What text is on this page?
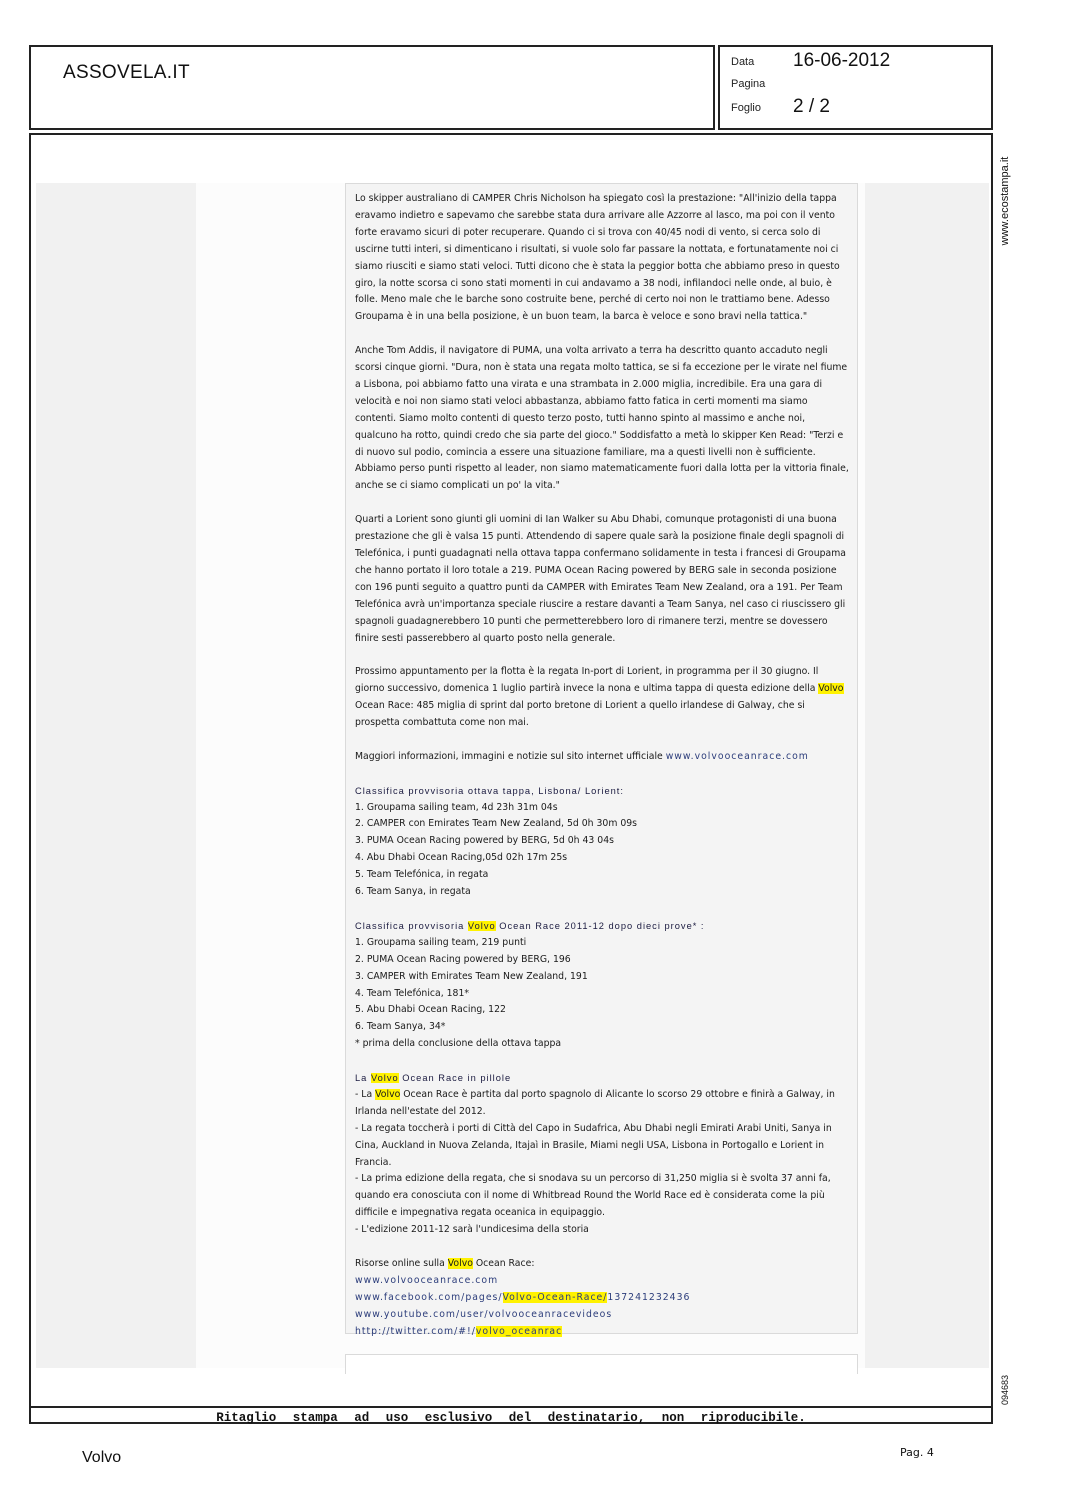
ASSOVELA.IT	Data 16-06-2012
Pagina
Foglio 2 / 2
www.ecostampa.it
094683
Ritaglio stampa ad uso esclusivo del destinatario, non riproducibile.

Lo skipper australiano di CAMPER Chris Nicholson ha spiegato così la prestazione: "All'inizio della tappa eravamo indietro e sapevamo che sarebbe stata dura arrivare alle Azzorre al lasco, ma poi con il vento forte eravamo sicuri di poter recuperare. Quando ci si trova con 40/45 nodi di vento, si cerca solo di uscirne tutti interi, si dimenticano i risultati, si vuole solo far passare la nottata, e fortunatamente noi ci siamo riusciti e siamo stati veloci. Tutti dicono che è stata la peggior botta che abbiamo preso in questo giro, la notte scorsa ci sono stati momenti in cui andavamo a 38 nodi, infilandoci nelle onde, al buio, è folle. Meno male che le barche sono costruite bene, perché di certo noi non le trattiamo bene. Adesso Groupama è in una bella posizione, è un buon team, la barca è veloce e sono bravi nella tattica."

Anche Tom Addis, il navigatore di PUMA, una volta arrivato a terra ha descritto quanto accaduto negli scorsi cinque giorni. "Dura, non è stata una regata molto tattica, se si fa eccezione per le virate nel fiume a Lisbona, poi abbiamo fatto una virata e una strambata in 2.000 miglia, incredibile. Era una gara di velocità e noi non siamo stati veloci abbastanza, abbiamo fatto fatica in certi momenti ma siamo contenti. Siamo molto contenti di questo terzo posto, tutti hanno spinto al massimo e anche noi, qualcuno ha rotto, quindi credo che sia parte del gioco." Soddisfatto a metà lo skipper Ken Read: "Terzi e di nuovo sul podio, comincia a essere una situazione familiare, ma a questi livelli non è sufficiente. Abbiamo perso punti rispetto al leader, non siamo matematicamente fuori dalla lotta per la vittoria finale, anche se ci siamo complicati un po' la vita."

Quarti a Lorient sono giunti gli uomini di Ian Walker su Abu Dhabi, comunque protagonisti di una buona prestazione che gli è valsa 15 punti. Attendendo di sapere quale sarà la posizione finale degli spagnoli di Telefónica, i punti guadagnati nella ottava tappa confermano solidamente in testa i francesi di Groupama che hanno portato il loro totale a 219. PUMA Ocean Racing powered by BERG sale in seconda posizione con 196 punti seguito a quattro punti da CAMPER with Emirates Team New Zealand, ora a 191. Per Team Telefónica avrà un'importanza speciale riuscire a restare davanti a Team Sanya, nel caso ci riuscissero gli spagnoli guadagnerebbero 10 punti che permetterebbero loro di rimanere terzi, mentre se dovessero finire sesti passerebbero al quarto posto nella generale.

Prossimo appuntamento per la flotta è la regata In-port di Lorient, in programma per il 30 giugno. Il giorno successivo, domenica 1 luglio partirà invece la nona e ultima tappa di questa edizione della Volvo Ocean Race: 485 miglia di sprint dal porto bretone di Lorient a quello irlandese di Galway, che si prospetta combattuta come non mai.

Maggiori informazioni, immagini e notizie sul sito internet ufficiale www.volvooceanrace.com

Classifica provvisoria ottava tappa, Lisbona/ Lorient:
1. Groupama sailing team, 4d 23h 31m 04s
2. CAMPER con Emirates Team New Zealand, 5d 0h 30m 09s
3. PUMA Ocean Racing powered by BERG, 5d 0h 43 04s
4. Abu Dhabi Ocean Racing,05d 02h 17m 25s
5. Team Telefónica, in regata
6. Team Sanya, in regata

Classifica provvisoria Volvo Ocean Race 2011-12 dopo dieci prove* :
1. Groupama sailing team, 219 punti
2. PUMA Ocean Racing powered by BERG, 196
3. CAMPER with Emirates Team New Zealand, 191
4. Team Telefónica, 181*
5. Abu Dhabi Ocean Racing, 122
6. Team Sanya, 34*
* prima della conclusione della ottava tappa

La Volvo Ocean Race in pillole
- La Volvo Ocean Race è partita dal porto spagnolo di Alicante lo scorso 29 ottobre e finirà a Galway, in Irlanda nell'estate del 2012.
- La regata toccherà i porti di Città del Capo in Sudafrica, Abu Dhabi negli Emirati Arabi Uniti, Sanya in Cina, Auckland in Nuova Zelanda, Itajaì in Brasile, Miami negli USA, Lisbona in Portogallo e Lorient in Francia.
- La prima edizione della regata, che si snodava su un percorso di 31,250 miglia si è svolta 37 anni fa, quando era conosciuta con il nome di Whitbread Round the World Race ed è considerata come la più difficile e impegnativa regata oceanica in equipaggio.
- L'edizione 2011-12 sarà l'undicesima della storia

Risorse online sulla Volvo Ocean Race:
www.volvooceanrace.com
www.facebook.com/pages/Volvo-Ocean-Race/137241232436
www.youtube.com/user/volvooceanracevideos
http://twitter.com/#!/volvo_oceanrac
Volvo	Pag. 4
